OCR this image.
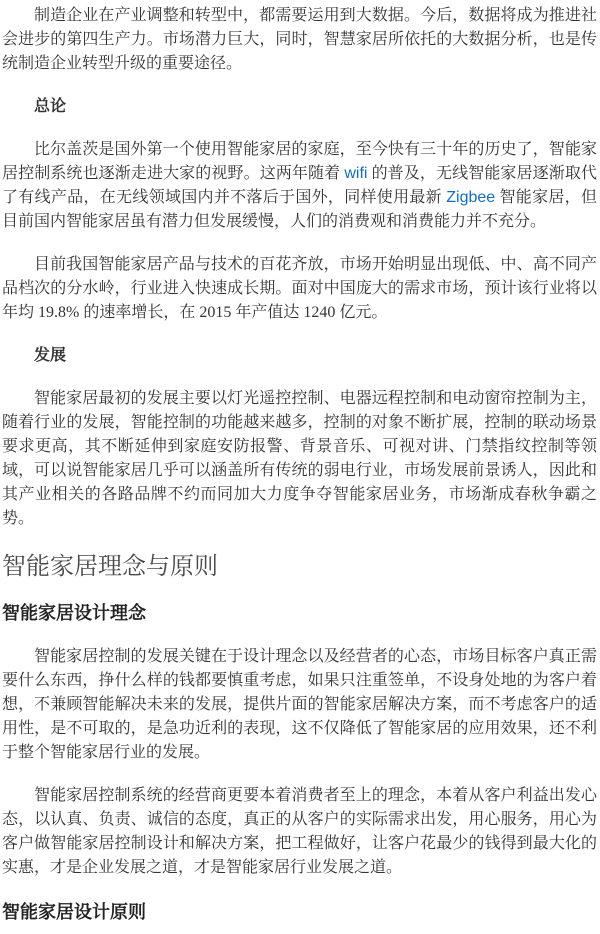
制造企业在产业调整和转型中，都需要运用到大数据。今后，数据将成为推进社会进步的第四生产力。市场潜力巨大，同时，智慧家居所依托的大数据分析，也是传统制造企业转型升级的重要途径。

总论

比尔盖茨是国外第一个使用智能家居的家庭，至今快有三十年的历史了，智能家居控制系统也逐渐走进大家的视野。这两年随着 wifi 的普及，无线智能家居逐渐取代了有线产品，在无线领域国内并不落后于国外，同样使用最新 Zigbee 智能家居，但目前国内智能家居虽有潜力但发展缓慢，人们的消费观和消费能力并不充分。

目前我国智能家居产品与技术的百花齐放，市场开始明显出现低、中、高不同产品档次的分水岭，行业进入快速成长期。面对中国庞大的需求市场，预计该行业将以年均 19.8% 的速率增长，在 2015 年产值达 1240 亿元。

发展

智能家居最初的发展主要以灯光遥控控制、电器远程控制和电动窗帘控制为主，随着行业的发展，智能控制的功能越来越多，控制的对象不断扩展，控制的联动场景要求更高，其不断延伸到家庭安防报警、背景音乐、可视对讲、门禁指纹控制等领域，可以说智能家居几乎可以涵盖所有传统的弱电行业，市场发展前景诱人，因此和其产业相关的各路品牌不约而同加大力度争夺智能家居业务，市场渐成春秋争霸之势。

智能家居理念与原则
智能家居设计理念

智能家居控制的发展关键在于设计理念以及经营者的心态，市场目标客户真正需要什么东西，挣什么样的钱都要慎重考虑，如果只注重签单，不设身处地的为客户着想，不兼顾智能解决未来的发展，提供片面的智能家居解决方案，而不考虑客户的适用性，是不可取的，是急功近利的表现，这不仅降低了智能家居的应用效果，还不利于整个智能家居行业的发展。

智能家居控制系统的经营商更要本着消费者至上的理念，本着从客户利益出发心态，以认真、负责、诚信的态度，真正的从客户的实际需求出发，用心服务，用心为客户做智能家居控制设计和解决方案，把工程做好，让客户花最少的钱得到最大化的实惠，才是企业发展之道，才是智能家居行业发展之道。

智能家居设计原则
